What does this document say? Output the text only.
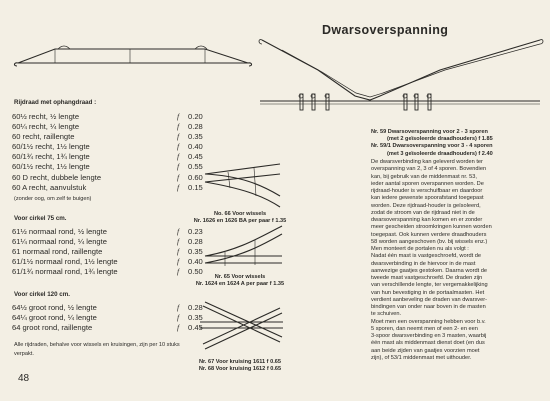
Dwarsoverspanning
Rijdraad met ophangdraad :
60½ recht, ½ lengte	f 0.20
60¼ recht, ¼ lengte	f 0.28
60 recht, raillengte	f 0.35
60/1½ recht, 1½ lengte	f 0.40
60/1¾ recht, 1¾ lengte	f 0.45
60/1½ recht, 1½ lengte	f 0.55
60 D recht, dubbele lengte	f 0.60
60 A recht, aanvulstuk	f 0.15
(zonder oog, om zelf te buigen)
Voor cirkel 75 cm.
61½ normaal rond, ½ lengte	f 0.23
61¼ normaal rond, ¼ lengte	f 0.28
61 normaal rond, raillengte	f 0.35
61/1½ normaal rond, 1½ lengte	f 0.40
61/1¾ normaal rond, 1¾ lengte	f 0.50
Voor cirkel 120 cm.
64½ groot rond, ½ lengte	f 0.28
64¼ groot rond, ¼ lengte	f 0.35
64 groot rond, raillengte	f 0.45
Alle rijdraden, behalve voor wissels en kruisingen, zijn per 10 stuks verpakt.
48
No. 66 Voor wissels
Nr. 1626 en 1626 BA per paar f 1.35
Nr. 65 Voor wissels
Nr. 1624 en 1624 A per paar f 1.35
Nr. 67 Voor kruising 1611 f 0.65
Nr. 68 Voor kruising 1612 f 0.65
Nr. 59 Dwarsoverspanning voor 2 - 3 sporen
(met 2 geïsoleerde draadhouders) f 1.85
Nr. 59/1 Dwarsoverspanning voor 3 - 4 sporen
(met 3 geïsoleerde draadhouders) f 2.40
De dwarsverbinding kan geleverd worden ter
overspanning van 2, 3 of 4 sporen. Bovendien
kan, bij gebruik van de middenmast nr. 53,
ieder aantal sporen overspannen worden. De
rijdraad-houder is verschuifbaar en daardoor
kan iedere gewenste spoorafstand toegepast
worden. Deze rijdraad-houder is geïsoleerd,
zodat de stroom van de rijdraad niet in de
dwarsoverspanning kan komen en er zonder
meer gescheiden stroomkringen kunnen worden
toegepast. Ook kunnen verdere draadhouders
58 worden aangeschoven (bv. bij wissels enz.)
Men monteert de portalen nu als volgt :
Nadat één mast is vastgeschroefd, wordt de
dwarsverbinding in de hiervoor in de mast
aanwezige gaatjes gestoken. Daarna wordt de
tweede mast vastgeschroefd. De draden zijn
van verschillende lengte, ter vergemakkelijking
van hun bevestiging in de portaalmasten. Het
verdient aanbeveling de draden van dwarsver-
bindingen van onder naar boven in de masten
te schuiven.
Moet men een overspanning hebben voor b.v.
5 sporen, dan neemt men of een 2- en een
3-spoor dwarsverbinding en 3 masten, waarbij
één mast als middenmast dienst doet (en dus
aan beide zijden van gaatjes voorzien moet
zijn), of 53/1 middenmast met uithouder.
